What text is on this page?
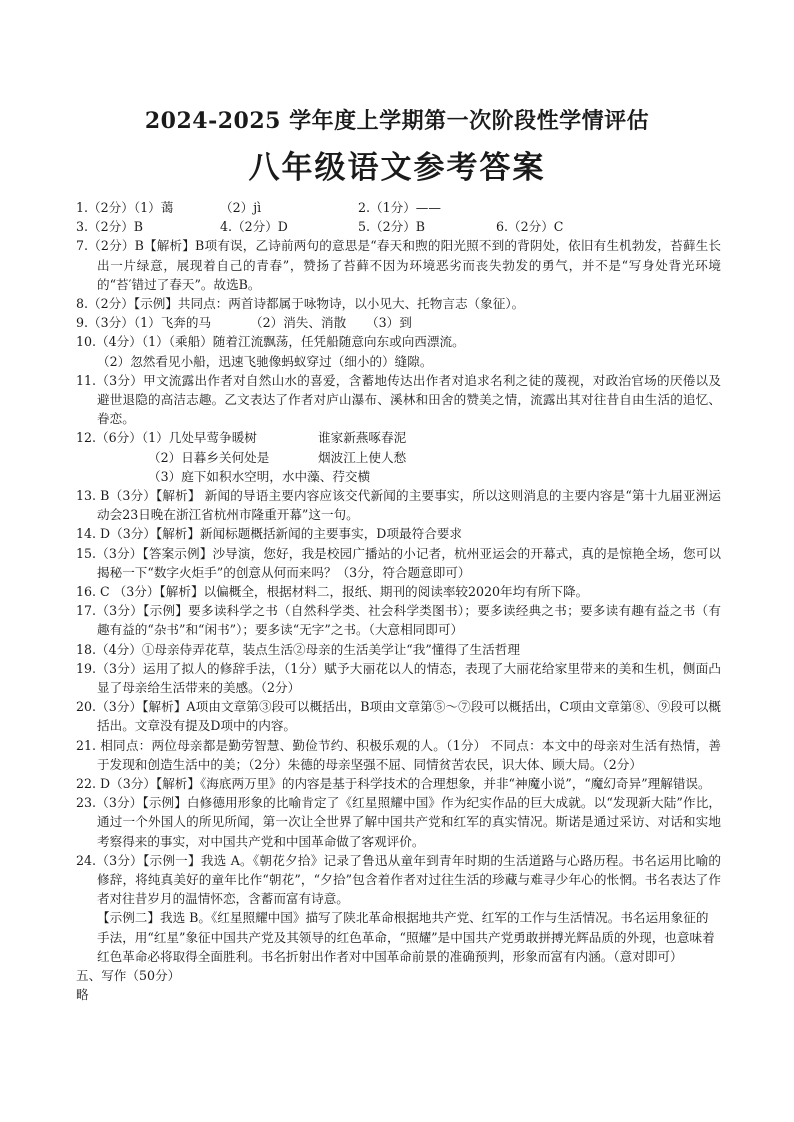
2024-2025 学年度上学期第一次阶段性学情评估
八年级语文参考答案
1.（2分）（1）蔼	（2）jì	2.（1分）——
3.（2分）B	4.（2分）D	5.（2分）B	6.（2分）C
7.（2分）B【解析】B项有误，乙诗前两句的意思是“春天和煦的阳光照不到的背阴处，依旧有生机勃发，苔藓生长出一片绿意，展现着自己的青春”，赞扬了苔藓不因为环境恶劣而丧失勃发的勇气，并不是“写身处背光环境的“苔′错过了春天”。故选B。
8.（2分）【示例】共同点：两首诗都属于咏物诗，以小见大、托物言志（象征）。
9.（3分）（1）飞奔的马	（2）消失、消散 （3）到
10.（4分）（1）（乘船）随着江流飘荡，任凭船随意向东或向西漂流。
（2）忽然看见小船，迅速飞驰像蚂蚁穿过（细小的）缝隙。
11.（3分）甲文流露出作者对自然山水的喜爱，含蓄地传达出作者对追求名利之徒的蔑视，对政治官场的厌倦以及避世退隐的高洁志趣。乙文表达了作者对庐山瀑布、溪林和田舍的赞美之情，流露出其对往昔自由生活的追忆、眷恋。
12.（6分）（1）几处早莺争暖树	谁家新燕啄春泥
（2）日暮乡关何处是	烟波江上使人愁
（3）庭下如积水空明，水中藻、荇交横
13. B（3分）【解析】 新闻的导语主要内容应该交代新闻的主要事实，所以这则消息的主要内容是“第十九届亚洲运动会23日晚在浙江省杭州市隆重开幕”这一句。
14. D（3分）【解析】新闻标题概括新闻的主要事实，D项最符合要求
15.（3分）【答案示例】沙导演，您好，我是校园广播站的小记者，杭州亚运会的开幕式，真的是惊艳全场，您可以揭秘一下“数字火炬手”的创意从何而来吗？（3分，符合题意即可）
16. C （3分）【解析】以偏概全，根据材料二，报纸、期刊的阅读率较2020年均有所下降。
17.（3分）【示例】要多读科学之书（自然科学类、社会科学类图书）；要多读经典之书；要多读有趣有益之书（有趣有益的“杂书”和“闲书”）；要多读“无字”之书。（大意相同即可）
18.（4分）①母亲侍弄花草，装点生活②母亲的生活美学让“我”懂得了生活哲理
19.（3分）运用了拟人的修辞手法，（1分）赋予大丽花以人的情态，表现了大丽花给家里带来的美和生机，侧面凸显了母亲给生活带来的美感。（2分）
20.（3分）【解析】A项由文章第③段可以概括出，B项由文章第⑤～⑦段可以概括出，C项由文章第⑧、⑨段可以概括出。文章没有提及D项中的内容。
21. 相同点：两位母亲都是勤劳智慧、勤俭节约、积极乐观的人。（1分） 不同点：本文中的母亲对生活有热情，善于发现和创造生活中的美；（2分）朱德的母亲坚强不屈、同情贫苦农民，识大体、顾大局。（2分）
22. D（3分）【解析】《海底两万里》的内容是基于科学技术的合理想象，并非“神魔小说”，“魔幻奇异”理解错误。
23.（3分）【示例】白修德用形象的比喻肯定了《红星照耀中国》作为纪实作品的巨大成就。以“发现新大陆”作比，通过一个外国人的所见所闻，第一次让全世界了解中国共产党和红军的真实情况。斯诺是通过采访、对话和实地考察得来的事实，对中国共产党和中国革命做了客观评价。
24.（3分）【示例一】我选 A。《朝花夕拾》记录了鲁迅从童年到青年时期的生活道路与心路历程。书名运用比喻的修辞，将纯真美好的童年比作“朝花”，“夕拾”包含着作者对过往生活的珍藏与难寻少年心的怅惘。书名表达了作者对往昔岁月的温情怀恋，含蓄而富有诗意。
【示例二】我选 B。《红星照耀中国》描写了陕北革命根据地共产党、红军的工作与生活情况。书名运用象征的手法，用“红星”象征中国共产党及其领导的红色革命，“照耀”是中国共产党勇敢拼搏光辉品质的外现，也意味着红色革命必将取得全面胜利。书名折射出作者对中国革命前景的准确预判，形象而富有内涵。（意对即可）
五、写作（50分）
略
